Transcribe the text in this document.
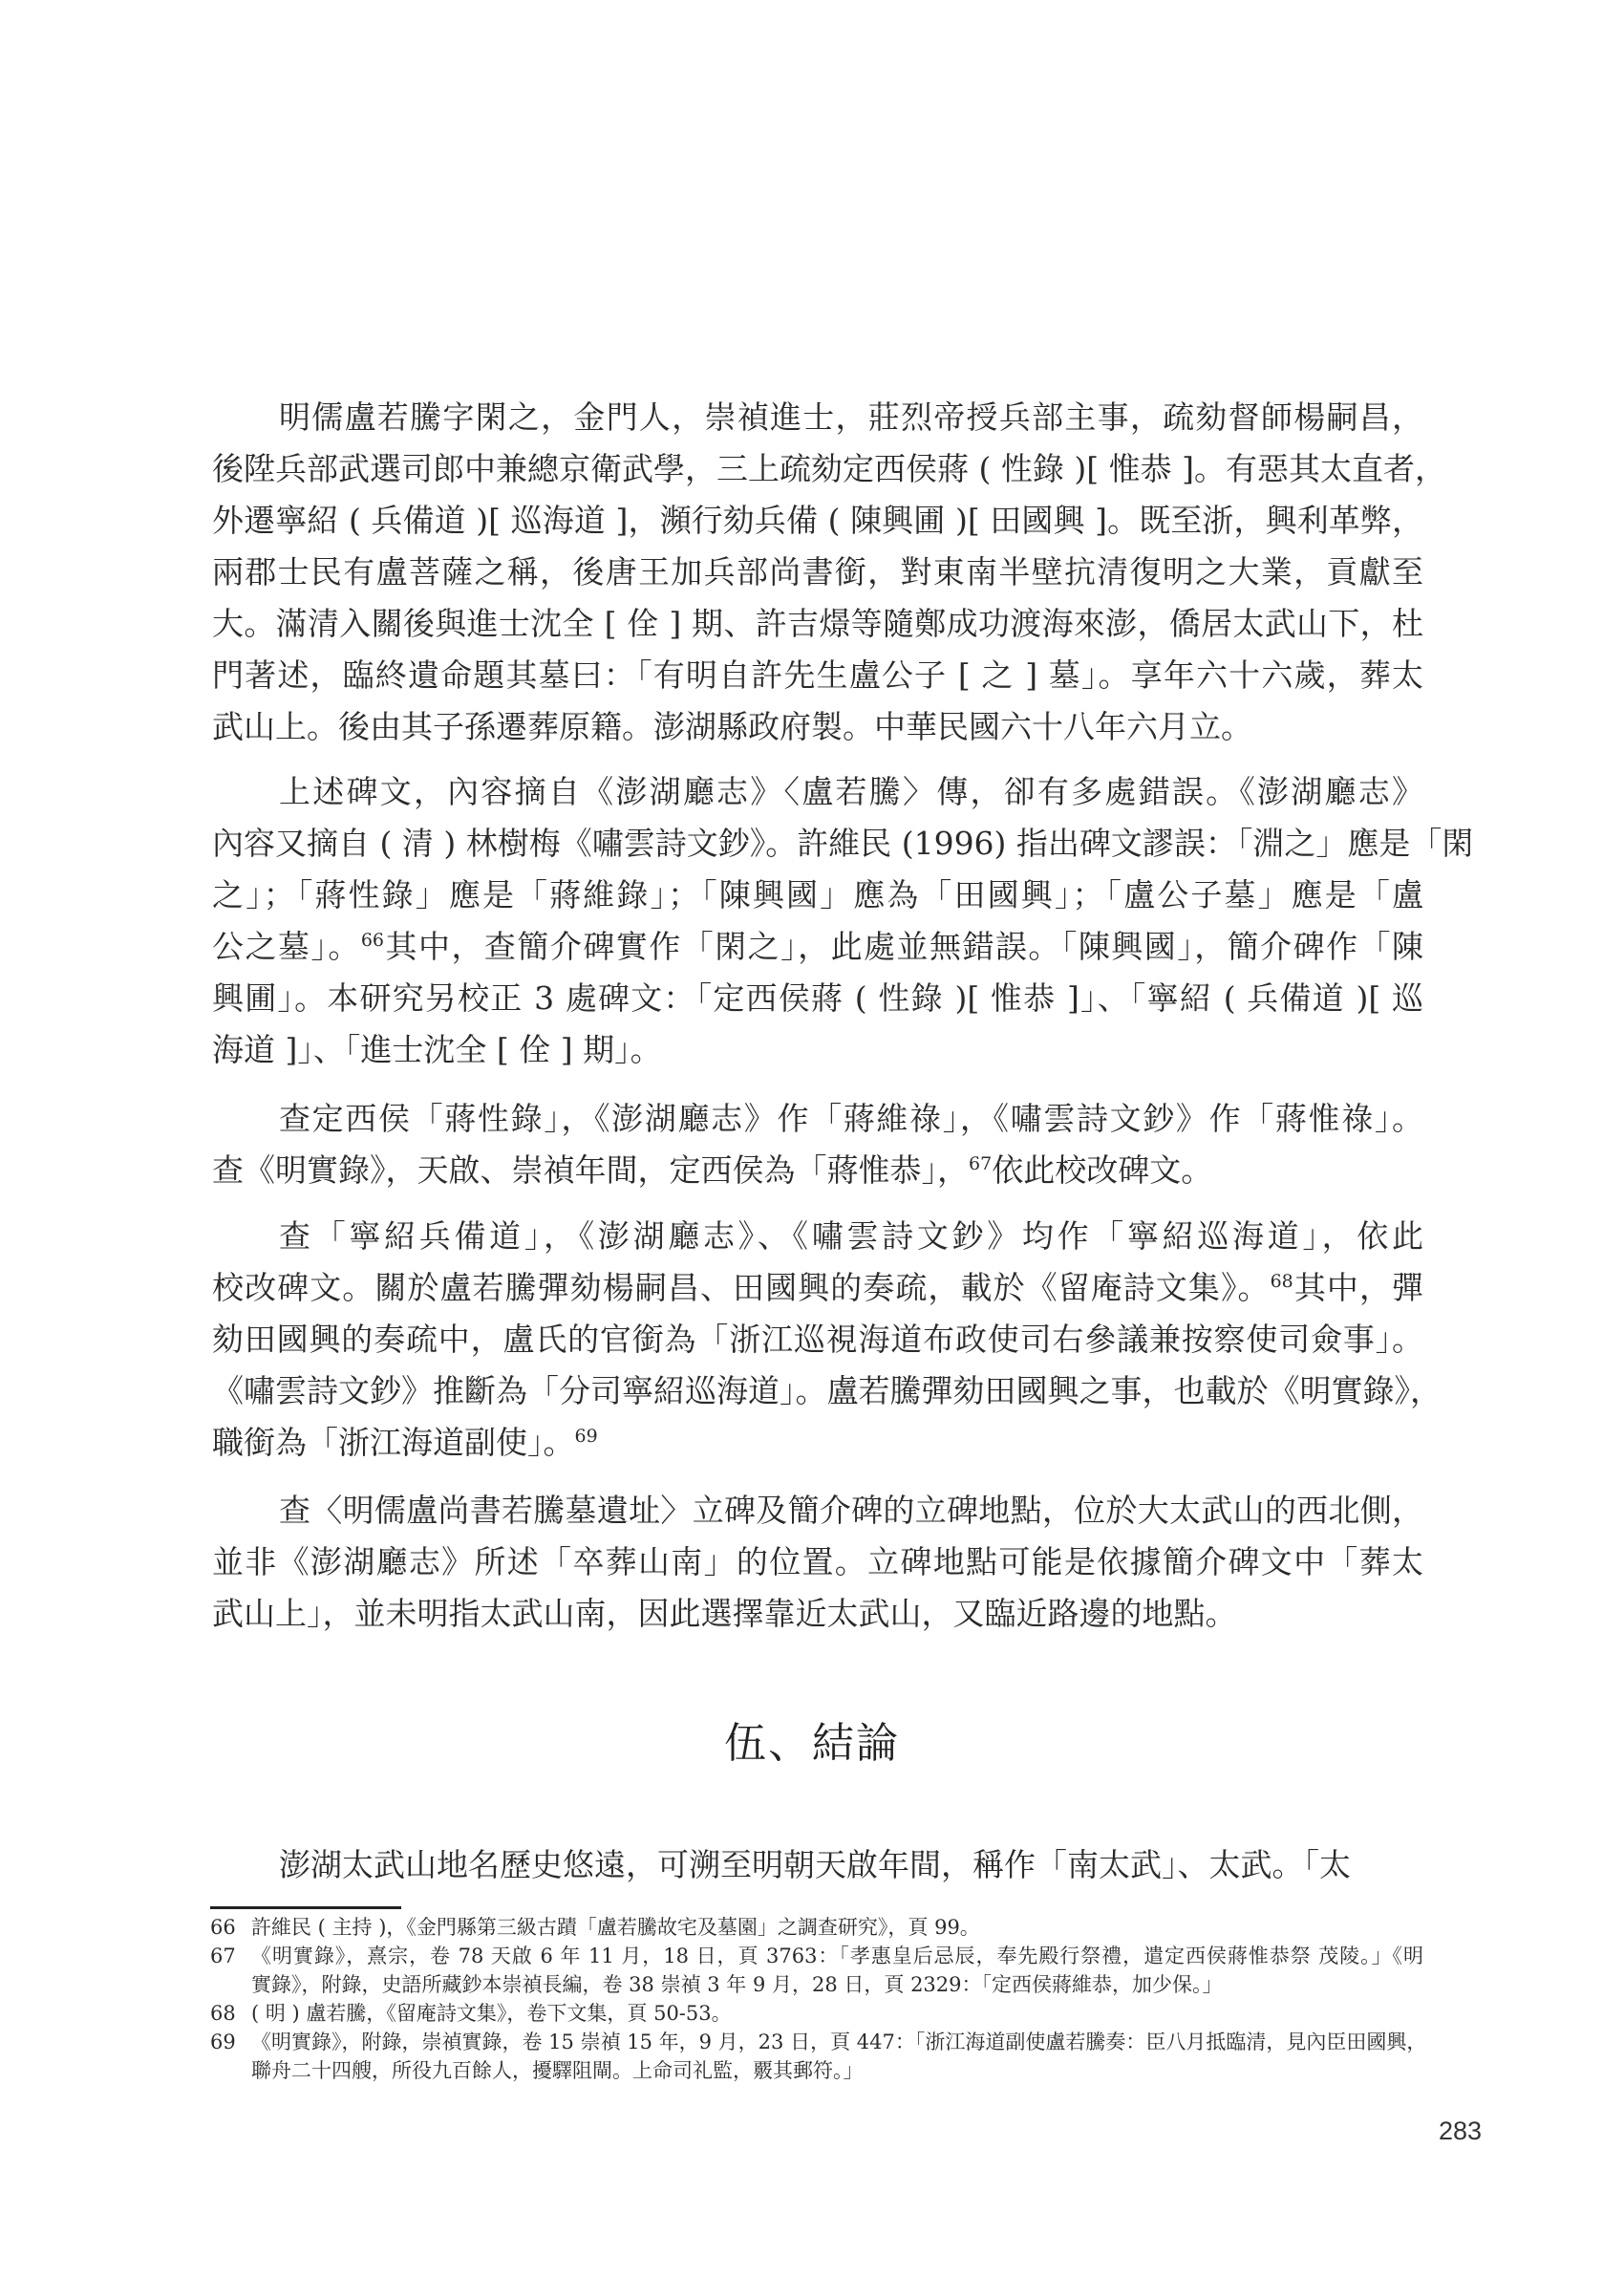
明儒盧若騰字閑之，金門人，崇禎進士，莊烈帝授兵部主事，疏劾督師楊嗣昌，
後陞兵部武選司郎中兼總京衛武學，三上疏劾定西侯蔣 ( 性錄 )[ 惟恭 ]。有惡其太直者，
外遷寧紹 ( 兵備道 )[ 巡海道 ]，瀕行劾兵備 ( 陳興圃 )[ 田國興 ]。既至浙，興利革弊，
兩郡士民有盧菩薩之稱，後唐王加兵部尚書銜，對東南半壁抗清復明之大業，貢獻至
大。滿清入關後與進士沈全 [ 佺 ] 期、許吉燝等隨鄭成功渡海來澎，僑居太武山下，杜
門著述，臨終遺命題其墓曰：「有明自許先生盧公子 [ 之 ] 墓」。享年六十六歲，葬太
武山上。後由其子孫遷葬原籍。澎湖縣政府製。中華民國六十八年六月立。
上述碑文，內容摘自《澎湖廳志》〈盧若騰〉傳，卻有多處錯誤。《澎湖廳志》
內容又摘自 ( 清 ) 林樹梅《嘯雲詩文鈔》。許維民 (1996) 指出碑文謬誤：「淵之」應是「閑
之」；「蔣性錄」應是「蔣維錄」；「陳興國」應為「田國興」；「盧公子墓」應是「盧
公之墓」。$^{66}$其中，查簡介碑實作「閑之」，此處並無錯誤。「陳興國」，簡介碑作「陳
興圃」。本研究另校正 3 處碑文：「定西侯蔣 ( 性錄 )[ 惟恭 ]」、「寧紹 ( 兵備道 )[ 巡
海道 ]」、「進士沈全 [ 佺 ] 期」。
查定西侯「蔣性錄」，《澎湖廳志》作「蔣維祿」，《嘯雲詩文鈔》作「蔣惟祿」。
查《明實錄》，天啟、崇禎年間，定西侯為「蔣惟恭」，$^{67}$依此校改碑文。
查「寧紹兵備道」，《澎湖廳志》、《嘯雲詩文鈔》均作「寧紹巡海道」，依此
校改碑文。關於盧若騰彈劾楊嗣昌、田國興的奏疏，載於《留庵詩文集》。$^{68}$其中，彈
劾田國興的奏疏中，盧氏的官銜為「浙江巡視海道布政使司右參議兼按察使司僉事」。
《嘯雲詩文鈔》推斷為「分司寧紹巡海道」。盧若騰彈劾田國興之事，也載於《明實錄》，
職銜為「浙江海道副使」。$^{69}$
查〈明儒盧尚書若騰墓遺址〉立碑及簡介碑的立碑地點，位於大太武山的西北側，
並非《澎湖廳志》所述「卒葬山南」的位置。立碑地點可能是依據簡介碑文中「葬太
武山上」，並未明指太武山南，因此選擇靠近太武山，又臨近路邊的地點。
澎湖太武山地名歷史悠遠，可溯至明朝天啟年間，稱作「南太武」、太武。「太
伍、結論
66 許維民 ( 主持 )，《金門縣第三級古蹟「盧若騰故宅及墓園」之調查研究》，頁 99。
67 《明實錄》，熹宗，卷 78 天啟 6 年 11 月，18 日，頁 3763：「孝惠皇后忌辰，奉先殿行祭禮，遣定西侯蔣惟恭祭 茂陵。」《明
實錄》，附錄，史語所藏鈔本崇禎長編，卷 38 崇禎 3 年 9 月，28 日，頁 2329：「定西侯蔣維恭，加少保。」
68 ( 明 ) 盧若騰，《留庵詩文集》，卷下文集，頁 50-53。
69 《明實錄》，附錄，崇禎實錄，卷 15 崇禎 15 年，9 月，23 日，頁 447：「浙江海道副使盧若騰奏：臣八月抵臨清，見內臣田國興，
聯舟二十四艘，所役九百餘人，擾驛阻閘。上命司礼監，覈其郵符。」
283
